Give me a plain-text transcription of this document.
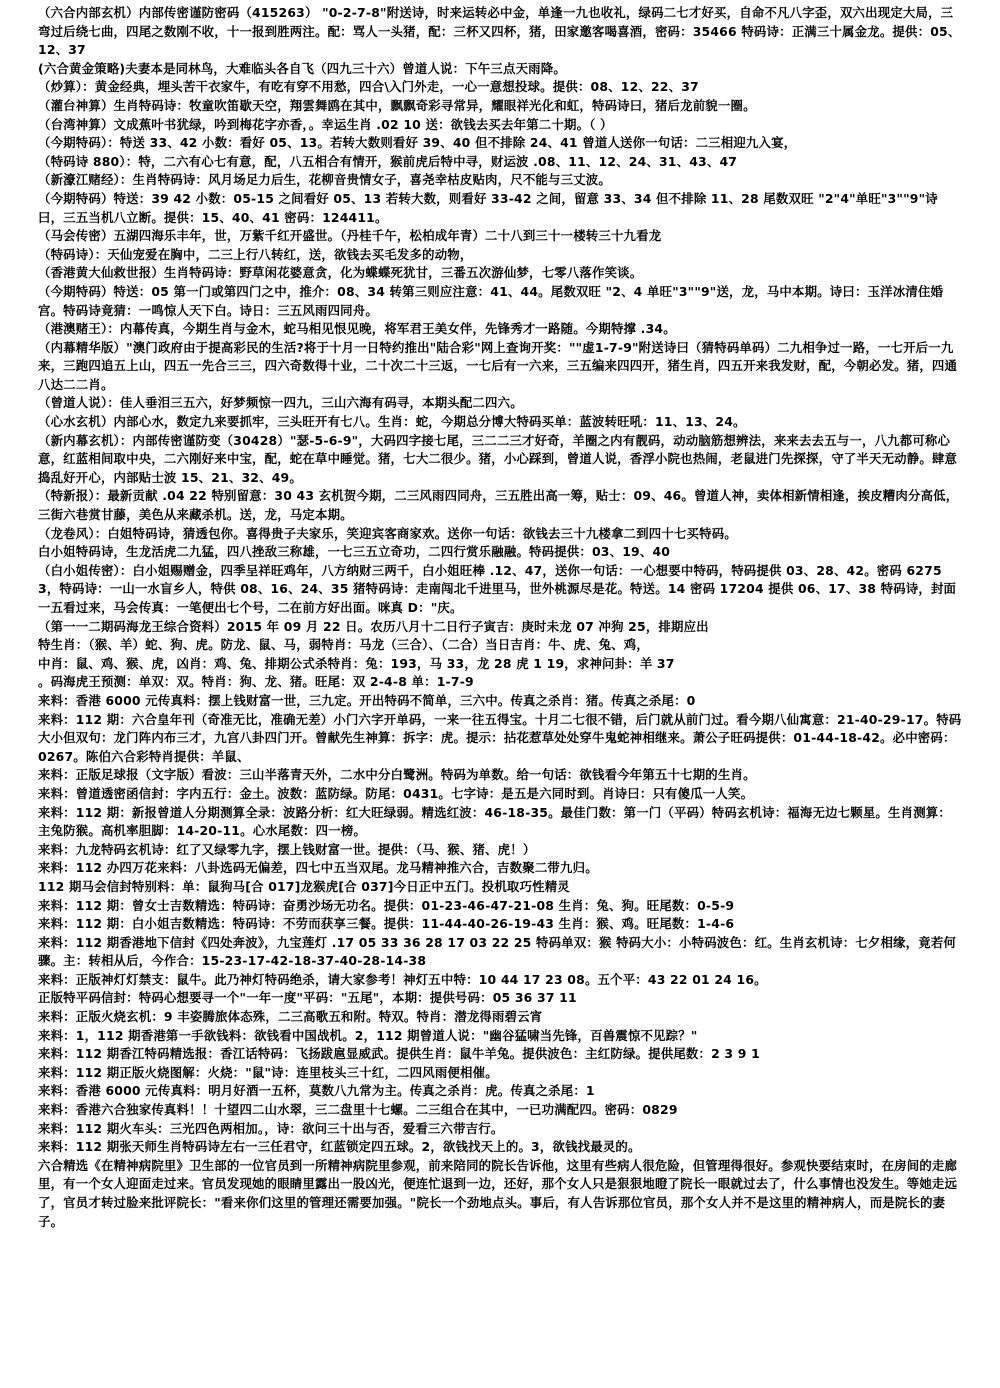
（六合内部玄机）内部传密谨防密码（415263） "0-2-7-8"附送诗，时来运转必中金，单逢一九也收礼，绿码二七才好买，自命不凡八字歪，双六出现定大局，三弯过后绕七曲，四尾之数刚不收，十一报到胜两注。配：骂人一头猪，配：三杯又四杯，猪，田家邀客喝喜酒，密码：35466 特码诗：正满三十属金龙。提供：05、12、37

(六合黄金策略)夫妻本是同林鸟，大难临头各自飞（四九三十六）曾道人说：下午三点天雨降。

（炒算）：黄金经典，埋头苦干衣家牛，有吃有穿不用愁，四合\入门外走，一心一意想投球。提供：08、12、22、37

（灌台神算）生肖特码诗：牧童吹笛歇天空，翔雲舞鸥在其中，飘飘奇彩寻常异，耀眼祥光化和虹，特码诗曰，猪后龙前貌一圈。

（台湾神算）文成蕉叶书犹绿，吟到梅花字亦香，。幸运生肖 .02 10 送：欲钱去买去年第二十期。（ ）

（今期特码）：特送 33、42 小数：看好 05、13。若转大数则看好 39、40 但不排除 24、41 曾道人送你一句话：二三相迎九入宴，

（特码诗 880）：特，二六有心七有意，配，八五相合有情开，猴前虎后特中寻，财运波 .08、11、12、24、31、43、47

（新濠江赌经）：生肖特码诗：风月场足力后生，花柳音贵情女子，喜尧幸枯皮贴肉，尺不能与三丈波。

（今期特码）特送：39 42 小数：05-15 之间看好 05、13 若转大数，则看好 33-42 之间，留意 33、34 但不排除 11、28 尾数双旺 "2"4"单旺"3""9"诗曰，三五当机八立断。提供：15、40、41 密码：124411。

（马会传密）五湖四海乐丰年，世，万紫千红开盛世。（丹桂千午，松柏成年青）二十八到三十一楼转三十九看龙

（特码诗）：天仙宠爱在胸中，二三上行八转红，送，欲钱去买毛发多的动物，

（香港黄大仙救世报）生肖特码诗：野草闲花婆意贪，化为蝶蝶死犹甘，三番五次游仙梦，七零八落作笑谈。

（今期特码）特送：05 第一门或第四门之中，推介：08、34 转第三则应注意：41、44。尾数双旺 "2、4 单旺"3""9"送，龙，马中本期。诗曰：玉洋冰清住婚宫。特码诗竟猜：一鸣惊人天下白。诗日：三五风雨四同舟。

（港澳赌王）：内幕传真，今期生肖与金木，蛇马相见恨见晚，将军君王美女伴，先锋秀才一路随。今期特撑 .34。

（内幕精华版）"澳门政府由于提高彩民的生活?将于十月一日特约推出"陆合彩"网上查询开奖：""虚1-7-9"附送诗曰（猜特码单码）二九相争过一路，一七开后一九来，三跑四追五上山，四五一先合三三，四六奇数得十业，二十次二十三返，一七后有一六来，三五编来四四开，猪生肖，四五开来我发财，配，今朝必发。猪，四通八达二二肖。

（曾道人说）：佳人垂泪三五六，好梦频惊一四九，三山六海有码寻，本期头配二四六。

（心水玄机）内部心水，数定九来要抓牢，三头旺开有七八。生肖：蛇，今期总分博大特码买单：蓝波转旺吼：11、13、24。

（新内幕玄机）：内部传密谨防变（30428）"瑟-5-6-9"，大码四字接七尾，三二二三才好奇，羊圈之内有靓码，动动脑筋想辨法，来来去去五与一，八九都可称心意，红蓝相间取中央，二六刚好来中宝，配，蛇在草中睡觉。猪，七大二很少。猪，小心踩到，曾道人说，香浮小院也热闹，老鼠进门先探探，守了半天无动静。肆意捣乱好开心，内部贴士波 15、21、32、49。

（特新报）：最新贡献 .04 22 特别留意：30 43 玄机贺今期，二三风雨四同舟，三五胜出高一筹，贴士：09、46。曾道人神，卖体相新情相逢，挨皮糟肉分高低，三街六巷赏甘藤，美色从来藏杀机。送，龙，马定本期。

（龙卷风）：白姐特码诗，猜透包你。喜得贵子夫家乐，笑迎宾客商家欢。送你一句话：欲钱去三十九楼拿二到四十七买特码。

白小姐特码诗，生龙活虎二九猛，四八挫敌三称雄，一七三五立奇功，二四行赏乐融融。特码提供：03、19、40

（白小姐传密）：白小姐赐赠金，四季呈祥旺鸡年，八方纳财三两千，白小姐旺棒 .12、47，送你一句话：一心想要中特码，特码提供 03、28、42。密码 62753，特码诗：一山一水盲乡人，特供 08、16、24、35 猪特码诗：走南闯北千进里马，世外桃源尽是花。特送。14 密码 17204 提供 06、17、38 特码诗，封面一五看过来，马会传真：一笔便出七个号，二在前方好出面。咪真 D："庆。

（第一一二期码海龙王综合资料）2015 年 09 月 22 日。农历八月十二日行子寅吉：庚时未龙 07 冲狗 25，排期应出

特生肖：（猴、羊）蛇、狗、虎。防龙、鼠、马，弱特肖：马龙（三合）、（二合）当日吉肖：牛、虎、兔、鸡，

中肖：鼠、鸡、猴、虎，凶肖：鸡、兔、排期公式杀特肖：兔：193，马 33，龙 28 虎 1 19，求神问卦：羊 37

。码海虎王预测：单双：双。特肖：狗、龙、猪。旺尾：双 2-4-8 单：1-7-9

来料：香港 6000 元传真料：摆上钱财富一世，三九定。开出特码不简单，三六中。传真之杀肖：猪。传真之杀尾：0

来料：112 期：六合皇年刊（奇准无比，准确无差）小门六字开单码，一来一往五得宝。十月二七很不错，后门就从前门过。看今期八仙寓意：21-40-29-17。特码大小但双句：龙门阵内布三才，九宫八卦四门开。曾献先生神算：拆字：虎。提示：拈花惹草处处穿牛鬼蛇神相继来。萧公子旺码提供：01-44-18-42。必中密码：0267。陈伯六合彩特肖提供：羊鼠、

来料：正版足球报（文字版）看波：三山半落青天外，二水中分白鹭洲。特码为单数。给一句话：欲钱看今年第五十七期的生肖。

来料：曾道透密函信封：字内五行：金土。波数：蓝防绿。防尾：0431。七字诗：是五是六同时到。肖诗曰：只有傻瓜一人笑。

来料：112 期：新报曾道人分期测算全录：波路分析：红大旺绿弱。精选红波：46-18-35。最佳门数：第一门（平码）特码玄机诗：福海无边七颗星。生肖测算：主兔防猴。高机率胆脚：14-20-11。心水尾数：四一榜。

来料：九龙特码玄机诗：红了又绿零九字，摆上钱财富一世。提供：（马、猴、猪、虎！）

来料：112 办四万花来料：八卦选码无偏差，四七中五当双尾。龙马精神推六合，吉数聚二带九归。

112 期马会信封特别料：单：鼠狗马[合 017]龙猴虎[合 037]今日正中五门。投机取巧性精灵

来料：112 期：曾女士吉数精选：特码诗：奋勇沙场无功名。提供：01-23-46-47-21-08 生肖：兔、狗。旺尾数：0-5-9

来料：112 期：白小姐吉数精选：特码诗：不劳而获享三餐。提供：11-44-40-26-19-43 生肖：猴、鸡。旺尾数：1-4-6

来料：112 期香港地下信封《四处奔波》，九宝莲灯 .17 05 33 36 28 17 03 22 25 特码单双：猴 特码大小：小特码波色：红。生肖玄机诗：七夕相缘，竟若何骤。主：转相从后，今作合：15-23-17-42-18-37-40-28-14-38

来料：正版神灯灯禁支：鼠牛。此乃神灯特码绝杀，请大家参考！神灯五中特：10 44 17 23 08。五个平：43 22 01 24 16。

正版特平码信封：特码心想要寻一个"一年一度"平码："五尾"，本期：提供号码：05 36 37 11

来料：正版火烧玄机：9 丰姿腾旅体态殊，二三高歌五和附。特双。特肖：潜龙得雨碧云宵

来料：1，112 期香港第一手欲钱料：欲钱看中国战机。2，112 期曾道人说："幽谷猛啸当先锋，百兽震惊不见踪？"

来料：112 期香江特码精选报：香江话特码：飞扬跋扈显威武。提供生肖：鼠牛羊兔。提供波色：主红防绿。提供尾数：2 3 9 1

来料：112 期正版火烧图解：火烧："鼠"诗：连里枝头三十红，二四风雨便相催。

来料：香港 6000 元传真料：明月好酒一五杯，莫数八九常为主。传真之杀肖：虎。传真之杀尾：1

来料：香港六合独家传真料！！十望四二山水翠，三二盘里十七螺。二三组合在其中，一已功满配四。密码：0829

来料：112 期火车头：三光四色两相加。，诗：欲问三十出与否，爱看三六带吉行。

来料：112 期张天师生肖特码诗左右一三任君守，红蓝锁定四五球。2，欲钱找天上的。3，欲钱找最灵的。

六合精选《在精神病院里》卫生部的一位官员到一所精神病院里参观，前来陪同的院长告诉他，这里有些病人很危险，但管理得很好。参观快要结束时，在房间的走廊里，有一个女人迎面走过来。官员发现她的眼睛里露出一股凶光，便连忙退到一边，还好，那个女人只是狠狠地瞪了院长一眼就过去了，什么事情也没发生。等她走远了，官员才转过脸来批评院长："看来你们这里的管理还需要加强。"院长一个劲地点头。事后，有人告诉那位官员，那个女人并不是这里的精神病人，而是院长的妻子。
